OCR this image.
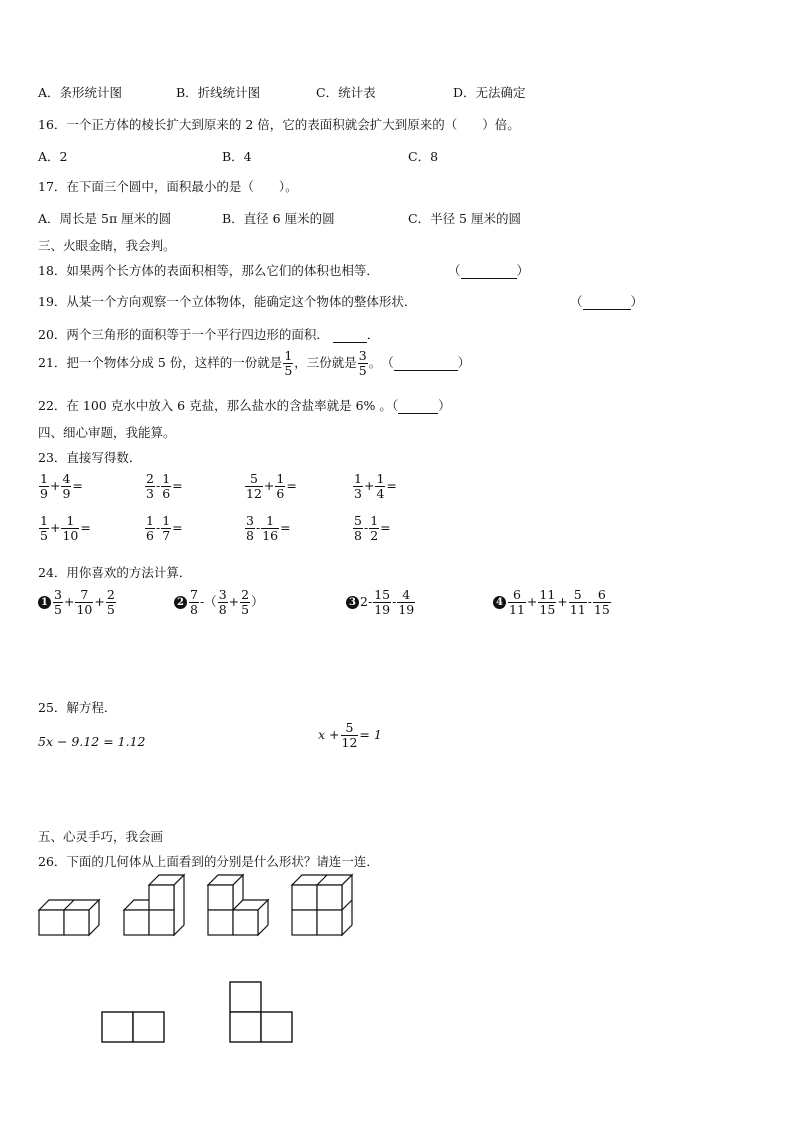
A．条形统计图	B．折线统计图	C．统计表	D．无法确定
16．一个正方体的棱长扩大到原来的 2 倍，它的表面积就会扩大到原来的（　　）倍。
A．2	B．4	C．8
17．在下面三个圆中，面积最小的是（　　）。
A．周长是 5π 厘米的圆	B．直径 6 厘米的圆	C．半径 5 厘米的圆
三、火眼金睛，我会判。
18．如果两个长方体的表面积相等，那么它们的体积也相等．	（	）
19．从某一个方向观察一个立体物体，能确定这个物体的整体形状．	（	）
20．两个三角形的面积等于一个平行四边形的面积．	．
21．把一个物体分成 5 份，这样的一份就是 $\frac{1}{5}$ ，三份就是 $\frac{3}{5}$ 。　（	）
22．在 100 克水中放入 6 克盐，那么盐水的含盐率就是 6% 。（	）
四、细心审题，我能算。
23．直接写得数．
$\frac{1}{9} + \frac{4}{9}$ =	$\frac{2}{3} - \frac{1}{6}$ =	$\frac{5}{12} + \frac{1}{6}$ =	$\frac{1}{3} + \frac{1}{4}$ =
$\frac{1}{5} + \frac{1}{10}$ =	$\frac{1}{6} - \frac{1}{7}$ =	$\frac{3}{8} - \frac{1}{16}$ =	$\frac{5}{8} - \frac{1}{2}$ =
24．用你喜欢的方法计算．
$1 \frac{3}{5} + \frac{7}{10} + \frac{2}{5}$	$2 \frac{7}{8}$ -（ $\frac{3}{8} + \frac{2}{5}$ ）	3 $2- \frac{15}{19} - \frac{4}{19}$	$4 \frac{6}{11} + \frac{11}{15} + \frac{5}{11} - \frac{6}{15}$
25．解方程．
5x − 9.12 = 1.12	$x + \frac{5}{12} = 1$
五、心灵手巧，我会画
26．下面的几何体从上面看到的分别是什么形状？请连一连．
